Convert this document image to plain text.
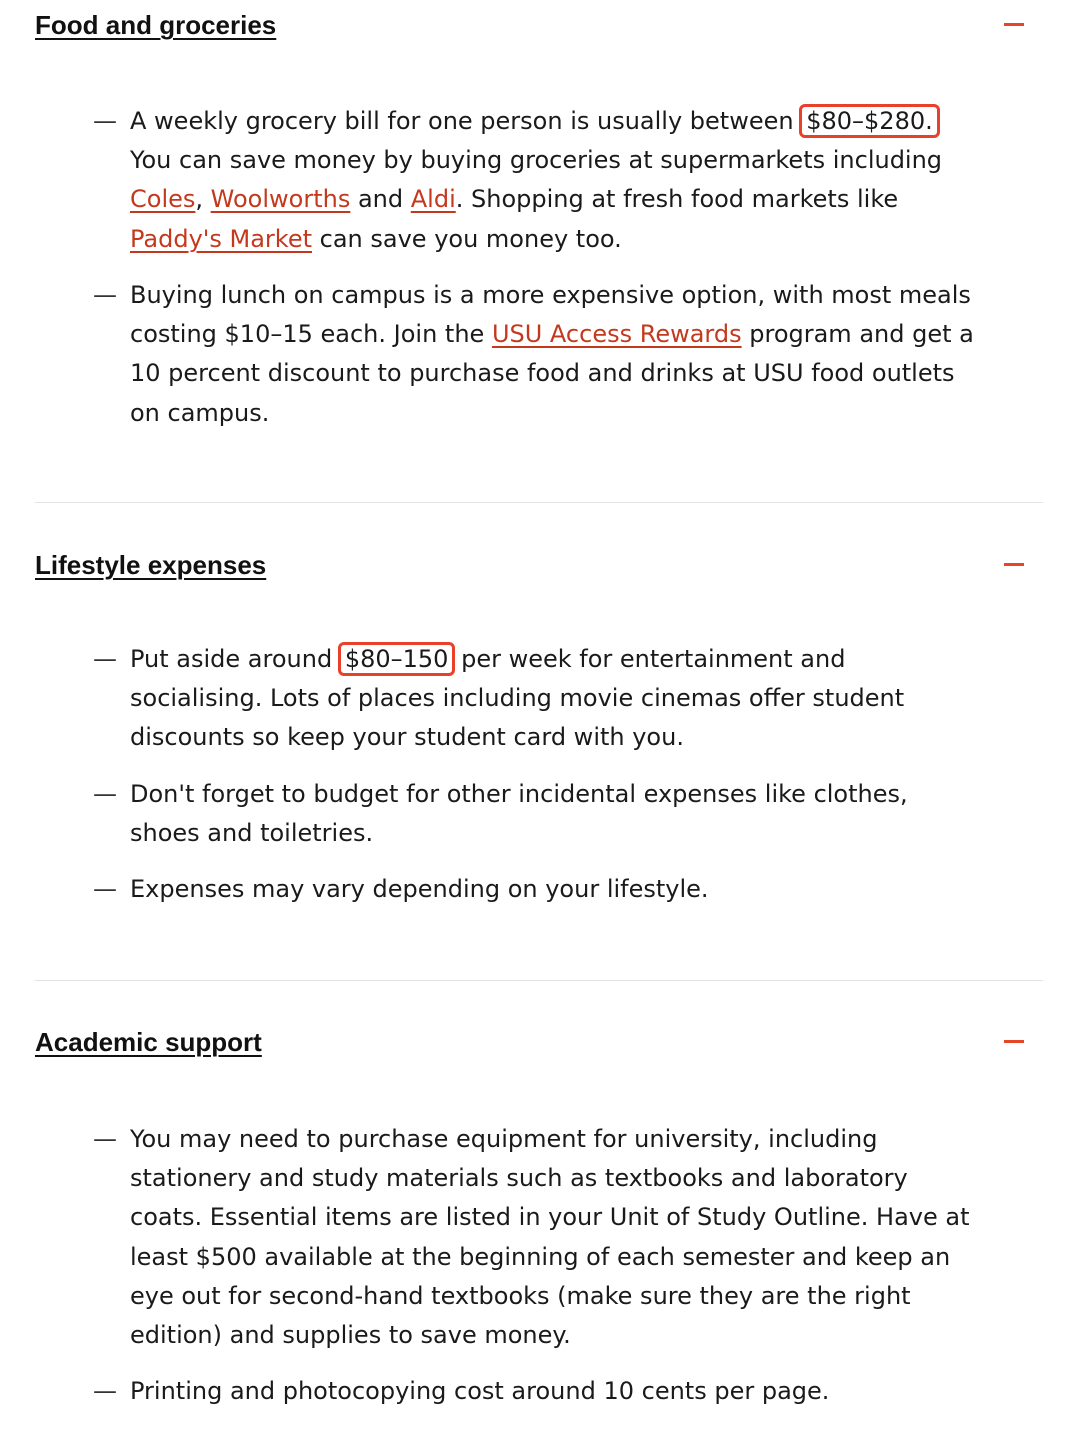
Food and groceries
— A weekly grocery bill for one person is usually between $80–$280. You can save money by buying groceries at supermarkets including Coles, Woolworths and Aldi. Shopping at fresh food markets like Paddy's Market can save you money too.
— Buying lunch on campus is a more expensive option, with most meals costing $10–15 each. Join the USU Access Rewards program and get a 10 percent discount to purchase food and drinks at USU food outlets on campus.
Lifestyle expenses
— Put aside around $80–150 per week for entertainment and socialising. Lots of places including movie cinemas offer student discounts so keep your student card with you.
— Don't forget to budget for other incidental expenses like clothes, shoes and toiletries.
— Expenses may vary depending on your lifestyle.
Academic support
— You may need to purchase equipment for university, including stationery and study materials such as textbooks and laboratory coats. Essential items are listed in your Unit of Study Outline. Have at least $500 available at the beginning of each semester and keep an eye out for second-hand textbooks (make sure they are the right edition) and supplies to save money.
— Printing and photocopying cost around 10 cents per page.
